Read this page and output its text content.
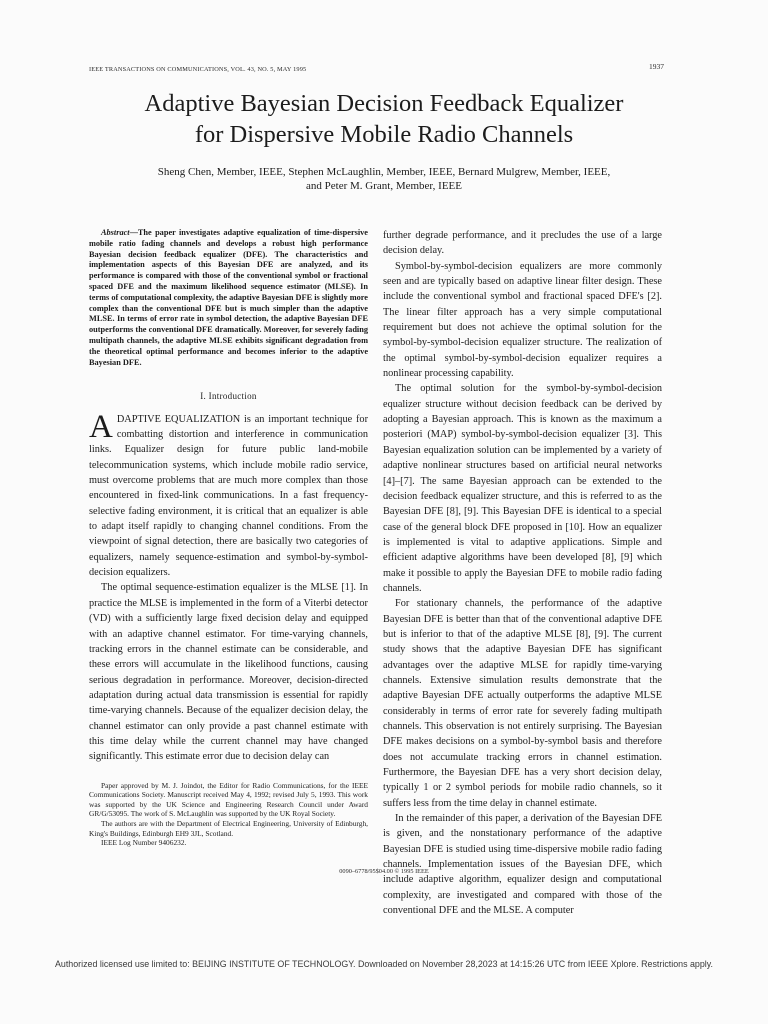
IEEE TRANSACTIONS ON COMMUNICATIONS, VOL. 43, NO. 5, MAY 1995	1937
Adaptive Bayesian Decision Feedback Equalizer
for Dispersive Mobile Radio Channels
Sheng Chen, Member, IEEE, Stephen McLaughlin, Member, IEEE, Bernard Mulgrew, Member, IEEE,
and Peter M. Grant, Member, IEEE

Abstract—The paper investigates adaptive equalization of time-dispersive mobile ratio fading channels and develops a robust high performance Bayesian decision feedback equalizer (DFE). The characteristics and implementation aspects of this Bayesian DFE are analyzed, and its performance is compared with those of the conventional symbol or fractional spaced DFE and the maximum likelihood sequence estimator (MLSE). In terms of computational complexity, the adaptive Bayesian DFE is slightly more complex than the conventional DFE but is much simpler than the adaptive MLSE. In terms of error rate in symbol detection, the adaptive Bayesian DFE outperforms the conventional DFE dramatically. Moreover, for severely fading multipath channels, the adaptive MLSE exhibits significant degradation from the theoretical optimal performance and becomes inferior to the adaptive Bayesian DFE.

I. Introduction

ADAPTIVE EQUALIZATION is an important technique for combatting distortion and interference in communication links. Equalizer design for future public land-mobile telecommunication systems, which include mobile radio service, must overcome problems that are much more complex than those encountered in fixed-link communications. In a fast frequency-selective fading environment, it is critical that an equalizer is able to adapt itself rapidly to changing channel conditions. From the viewpoint of signal detection, there are basically two categories of equalizers, namely sequence-estimation and symbol-by-symbol-decision equalizers.

The optimal sequence-estimation equalizer is the MLSE [1]. In practice the MLSE is implemented in the form of a Viterbi detector (VD) with a sufficiently large fixed decision delay and equipped with an adaptive channel estimator. For time-varying channels, tracking errors in the channel estimate can be considerable, and these errors will accumulate in the likelihood functions, causing serious degradation in performance. Moreover, decision-directed adaptation during actual data transmission is essential for rapidly time-varying channels. Because of the equalizer decision delay, the channel estimator can only provide a past channel estimate with this time delay while the current channel may have changed significantly. This estimate error due to decision delay can

Paper approved by M. J. Joindot, the Editor for Radio Communications, for the IEEE Communications Society. Manuscript received May 4, 1992; revised July 5, 1993. This work was supported by the UK Science and Engineering Research Council under Award GR/G/53095. The work of S. McLaughlin was supported by the UK Royal Society.

The authors are with the Department of Electrical Engineering, University of Edinburgh, King's Buildings, Edinburgh EH9 3JL, Scotland.

IEEE Log Number 9406232.

further degrade performance, and it precludes the use of a large decision delay.

Symbol-by-symbol-decision equalizers are more commonly seen and are typically based on adaptive linear filter design. These include the conventional symbol and fractional spaced DFE's [2]. The linear filter approach has a very simple computational requirement but does not achieve the optimal solution for the symbol-by-symbol-decision equalizer structure. The realization of the optimal symbol-by-symbol-decision equalizer requires a nonlinear processing capability.

The optimal solution for the symbol-by-symbol-decision equalizer structure without decision feedback can be derived by adopting a Bayesian approach. This is known as the maximum a posteriori (MAP) symbol-by-symbol-decision equalizer [3]. This Bayesian equalization solution can be implemented by a variety of adaptive nonlinear structures based on artificial neural networks [4]–[7]. The same Bayesian approach can be extended to the decision feedback equalizer structure, and this is referred to as the Bayesian DFE [8], [9]. This Bayesian DFE is identical to a special case of the general block DFE proposed in [10]. How an equalizer is implemented is vital to adaptive applications. Simple and efficient adaptive algorithms have been developed [8], [9] which make it possible to apply the Bayesian DFE to mobile radio fading channels.

For stationary channels, the performance of the adaptive Bayesian DFE is better than that of the conventional adaptive DFE but is inferior to that of the adaptive MLSE [8], [9]. The current study shows that the adaptive Bayesian DFE has significant advantages over the adaptive MLSE for rapidly time-varying channels. Extensive simulation results demonstrate that the adaptive Bayesian DFE actually outperforms the adaptive MLSE considerably in terms of error rate for severely fading multipath channels. This observation is not entirely surprising. The Bayesian DFE makes decisions on a symbol-by-symbol basis and therefore does not accumulate tracking errors in channel estimation. Furthermore, the Bayesian DFE has a very short decision delay, typically 1 or 2 symbol periods for mobile radio channels, so it suffers less from the time delay in channel estimate.

In the remainder of this paper, a derivation of the Bayesian DFE is given, and the nonstationary performance of the adaptive Bayesian DFE is studied using time-dispersive mobile radio fading channels. Implementation issues of the Bayesian DFE, which include adaptive algorithm, equalizer design and computational complexity, are investigated and compared with those of the conventional DFE and the MLSE. A computer

0090–6778/95$04.00 © 1995 IEEE
Authorized licensed use limited to: BEIJING INSTITUTE OF TECHNOLOGY. Downloaded on November 28,2023 at 14:15:26 UTC from IEEE Xplore. Restrictions apply.
